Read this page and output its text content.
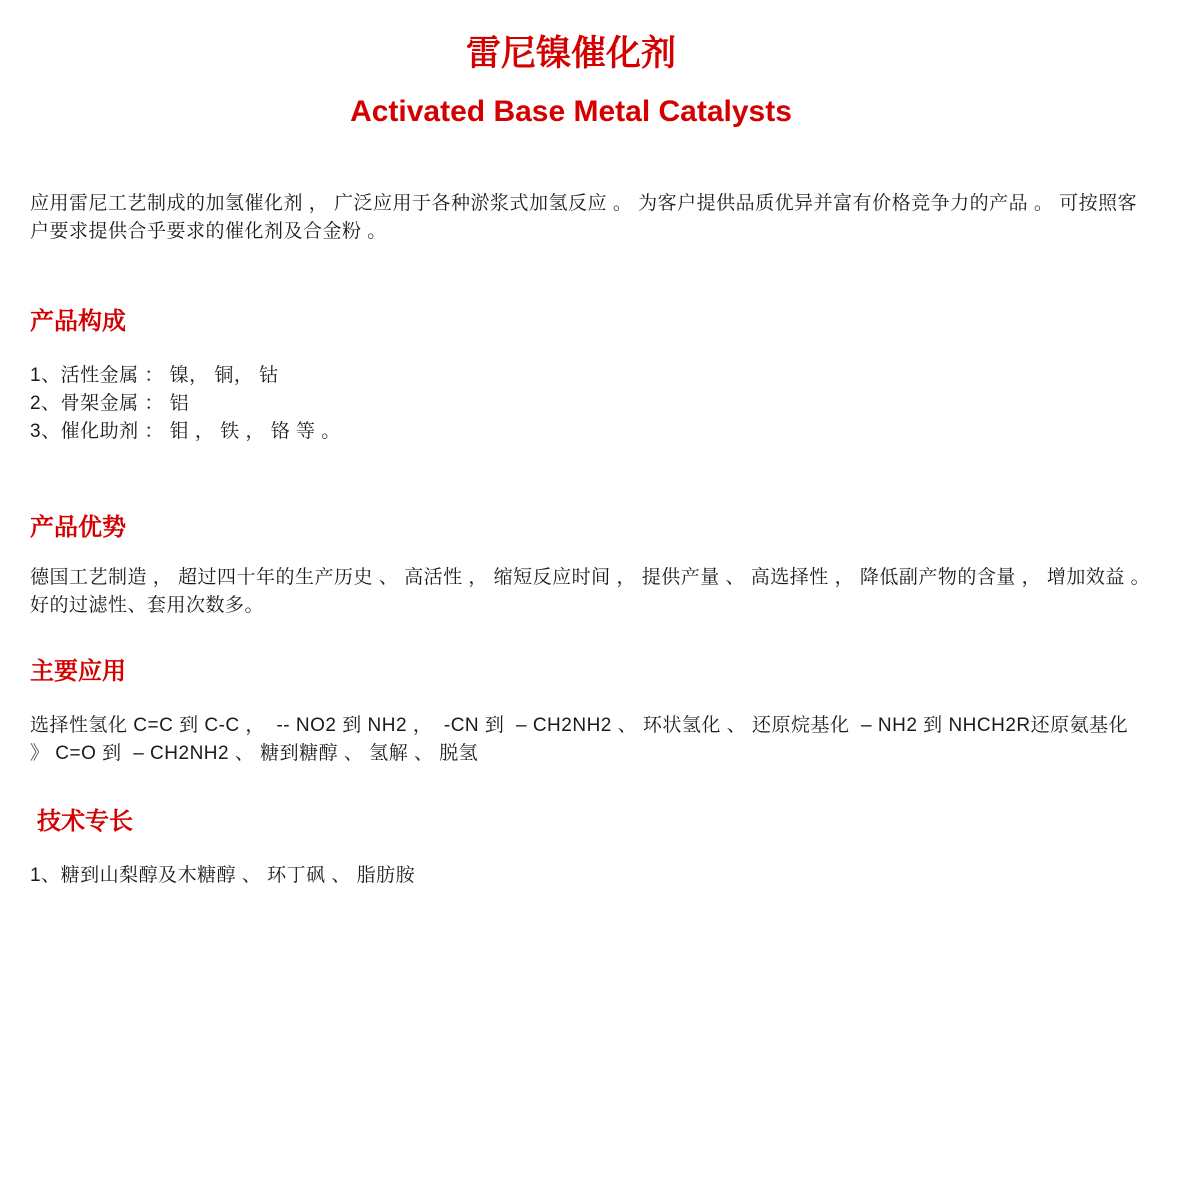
雷尼镍催化剂
Activated Base Metal Catalysts

应用雷尼工艺制成的加氢催化剂 ， 广泛应用于各种淤浆式加氢反应 。 为客户提供品质优异并富有价格竞争力的产品 。 可按照客户要求提供合乎要求的催化剂及合金粉 。

产品构成
1、活性金属 ： 镍， 铜， 钴
2、骨架金属 ： 铝
3、催化助剂 ： 钼 ， 铁 ， 铬 等 。
产品优势

德国工艺制造 ， 超过四十年的生产历史 、 高活性 ， 缩短反应时间 ， 提供产量 、 高选择性 ， 降低副产物的含量 ， 增加效益 。 好的过滤性、套用次数多。

主要应用

选择性氢化 C=C 到 C-C ，  -- NO2 到 NH2 ，  -CN 到  – CH2NH2 、 环状氢化 、 还原烷基化  – NH2 到 NHCH2R还原氨基化 》 C=O 到  – CH2NH2 、 糖到糖醇 、 氢解 、 脱氢

技术专长
1、糖到山梨醇及木糖醇 、 环丁砜 、 脂肪胺
